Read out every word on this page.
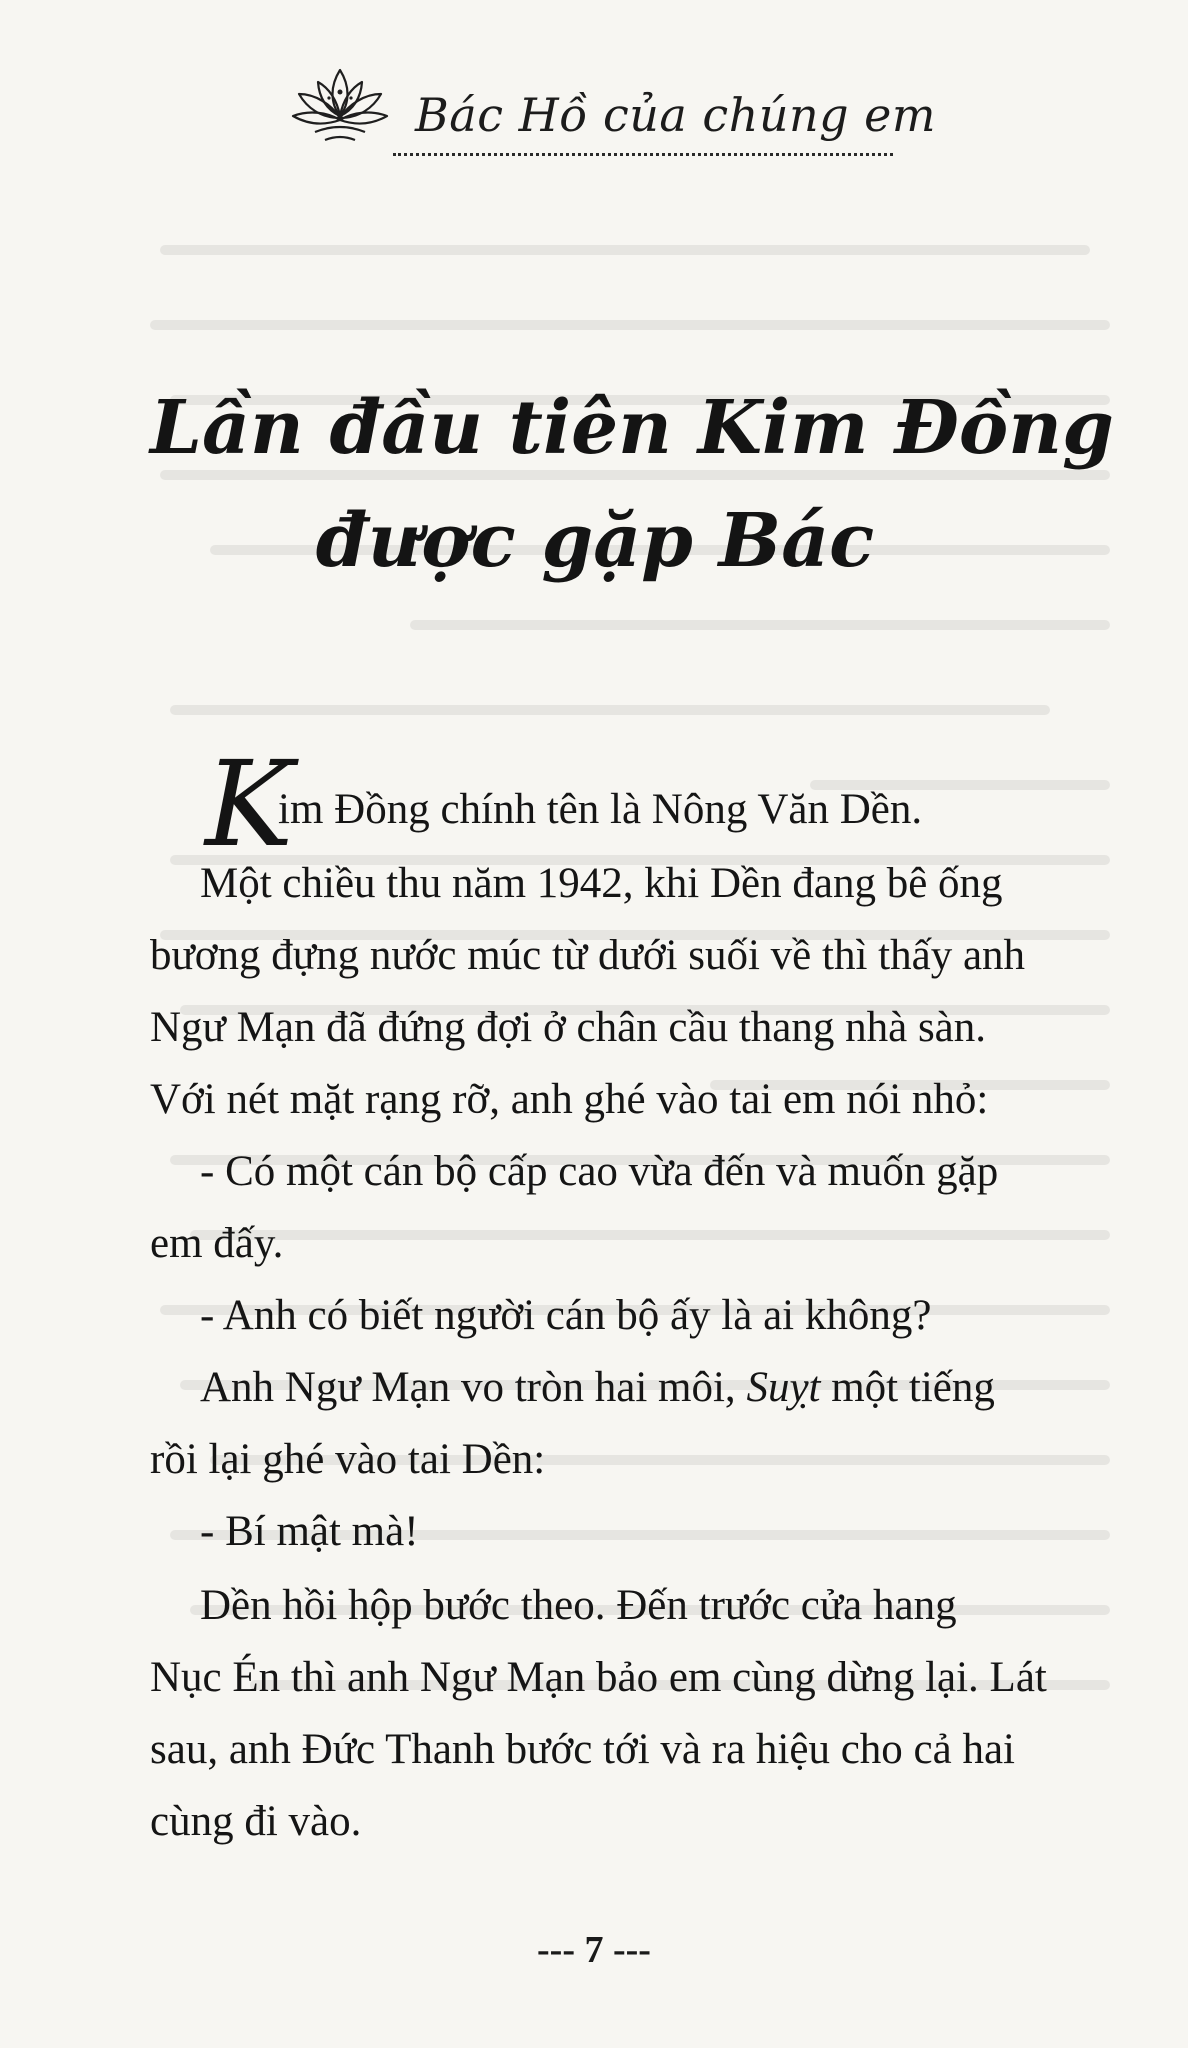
Bác Hồ của chúng em
Lần đầu tiên Kim Đồng
được gặp Bác
K
im Đồng chính tên là Nông Văn Dền.
Một chiều thu năm 1942, khi Dền đang bê ống
bương đựng nước múc từ dưới suối về thì thấy anh
Ngư Mạn đã đứng đợi ở chân cầu thang nhà sàn.
Với nét mặt rạng rỡ, anh ghé vào tai em nói nhỏ:
- Có một cán bộ cấp cao vừa đến và muốn gặp
em đấy.
- Anh có biết người cán bộ ấy là ai không?
Anh Ngư Mạn vo tròn hai môi, Suỵt một tiếng
rồi lại ghé vào tai Dền:
- Bí mật mà!
Dền hồi hộp bước theo. Đến trước cửa hang
Nục Én thì anh Ngư Mạn bảo em cùng dừng lại. Lát
sau, anh Đức Thanh bước tới và ra hiệu cho cả hai
cùng đi vào.
--- 7 ---
